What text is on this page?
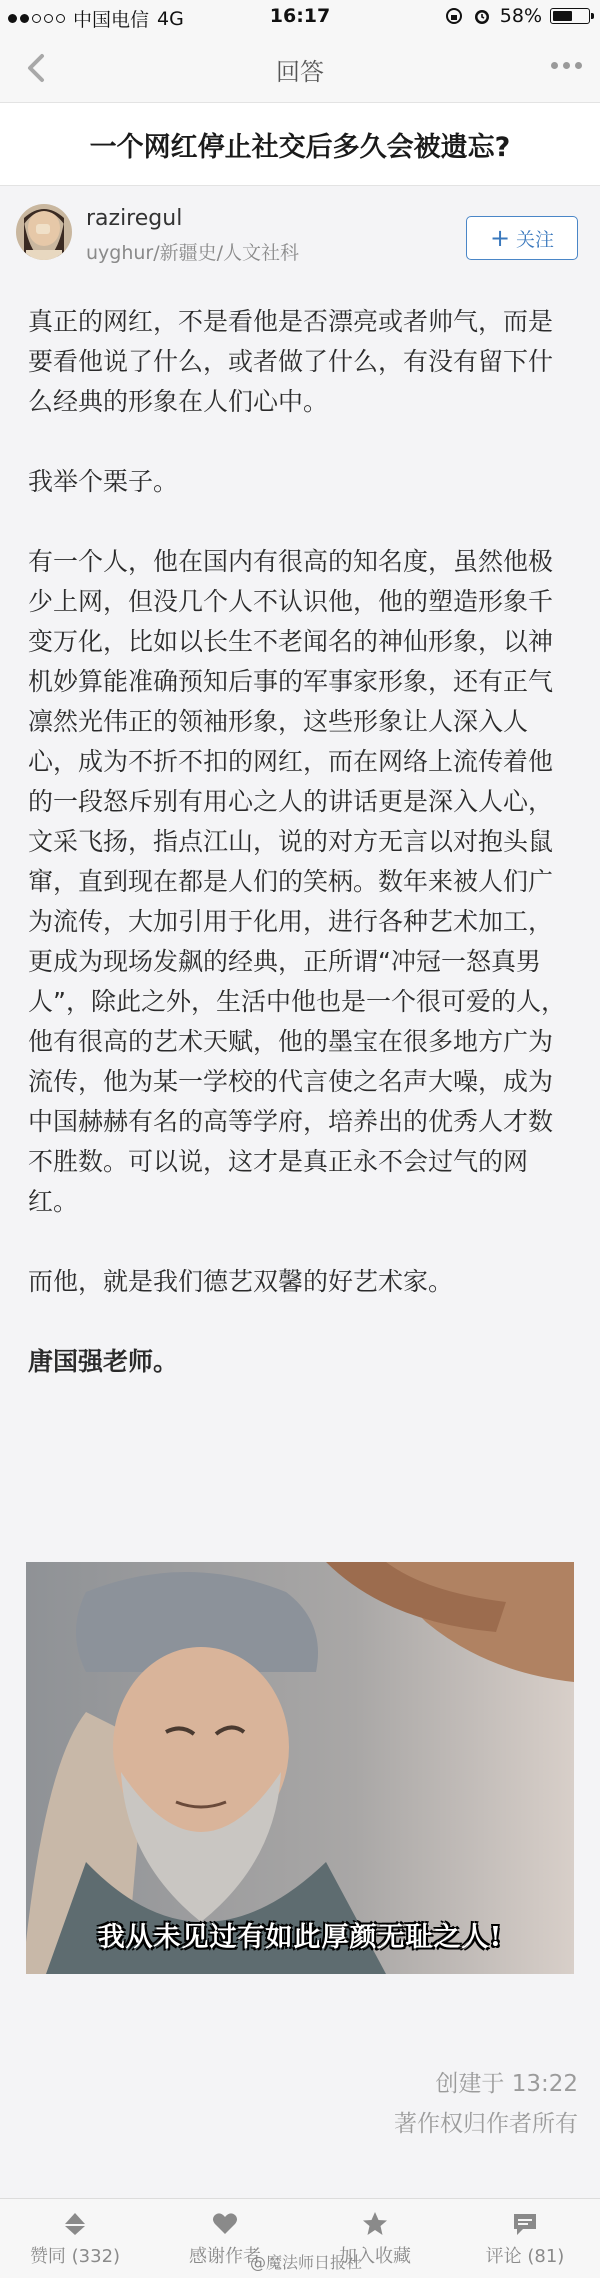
中国电信 4G	16:17	58%
回答
一个网红停止社交后多久会被遗忘?
raziregul
uyghur/新疆史/人文社科
+ 关注

真正的网红，不是看他是否漂亮或者帅气，而是要看他说了什么，或者做了什么，有没有留下什么经典的形象在人们心中。

我举个栗子。

有一个人，他在国内有很高的知名度，虽然他极少上网，但没几个人不认识他，他的塑造形象千变万化，比如以长生不老闻名的神仙形象，以神机妙算能准确预知后事的军事家形象，还有正气凛然光伟正的领袖形象，这些形象让人深入人心，成为不折不扣的网红，而在网络上流传着他的一段怒斥别有用心之人的讲话更是深入人心，文采飞扬，指点江山，说的对方无言以对抱头鼠窜，直到现在都是人们的笑柄。数年来被人们广为流传，大加引用于化用，进行各种艺术加工，更成为现场发飙的经典，正所谓“冲冠一怒真男人”，除此之外，生活中他也是一个很可爱的人，他有很高的艺术天赋，他的墨宝在很多地方广为流传，他为某一学校的代言使之名声大噪，成为中国赫赫有名的高等学府，培养出的优秀人才数不胜数。可以说，这才是真正永不会过气的网红。

而他，就是我们德艺双馨的好艺术家。

唐国强老师。

我从未见过有如此厚颜无耻之人!
创建于 13:22
著作权归作者所有
赞同 (332)	感谢作者	加入收藏	评论 (81)
@魔法师日报社
